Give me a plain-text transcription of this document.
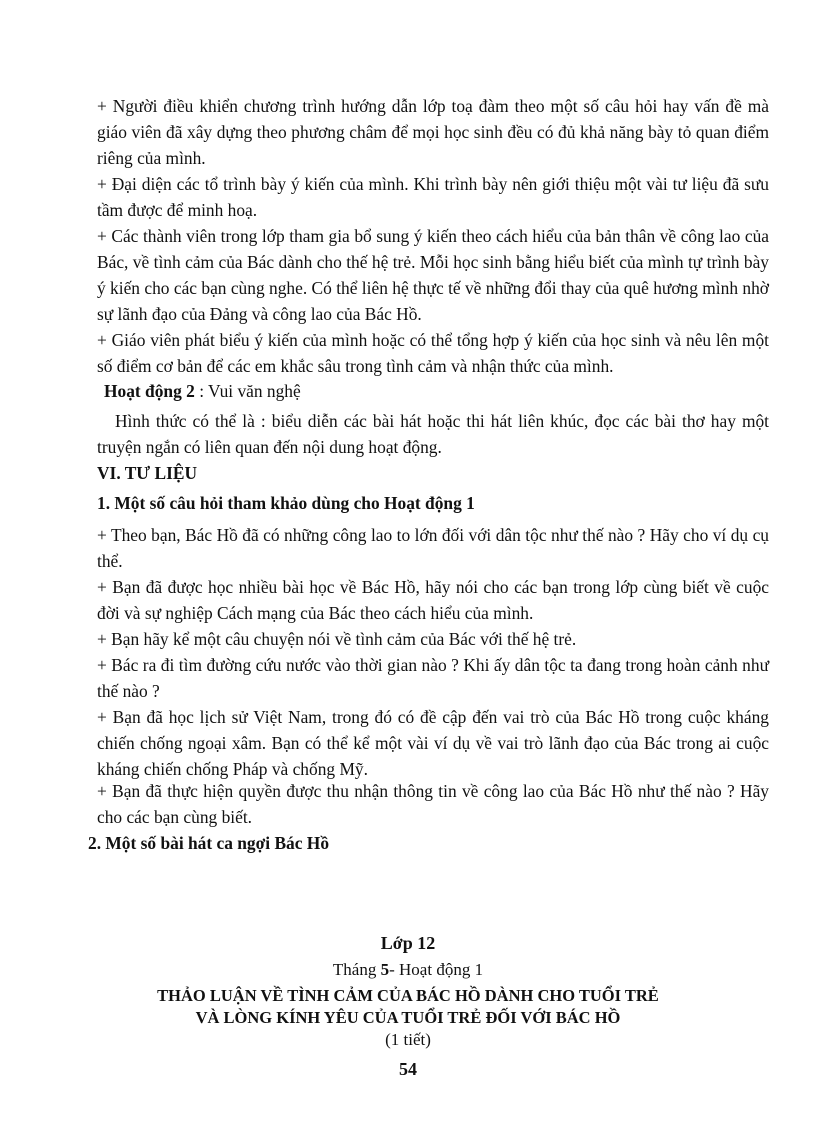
+ Người điều khiển chương trình hướng dẫn lớp toạ đàm theo một số câu hỏi hay vấn đề mà giáo viên đã xây dựng theo phương châm để mọi học sinh đều có đủ khả năng bày tỏ quan điểm riêng của mình.

+ Đại diện các tổ trình bày ý kiến của mình. Khi trình bày nên giới thiệu một vài tư liệu đã sưu tầm được để minh hoạ.

+ Các thành viên trong lớp tham gia bổ sung ý kiến theo cách hiểu của bản thân về công lao của Bác, về tình cảm của Bác dành cho thế hệ trẻ. Mỗi học sinh bằng hiểu biết của mình tự trình bày ý kiến cho các bạn cùng nghe. Có thể liên hệ thực tế về những đổi thay của quê hương mình nhờ sự lãnh đạo của Đảng và công lao của Bác Hồ.

+ Giáo viên phát biểu ý kiến của mình hoặc có thể tổng hợp ý kiến của học sinh và nêu lên một số điểm cơ bản để các em khắc sâu trong tình cảm và nhận thức của mình.

Hoạt động 2 : Vui văn nghệ

Hình thức có thể là : biểu diễn các bài hát hoặc thi hát liên khúc, đọc các bài thơ hay một truyện ngắn có liên quan đến nội dung hoạt động.

VI. TƯ LIỆU

1. Một số câu hỏi tham khảo dùng cho Hoạt động 1

+ Theo bạn, Bác Hồ đã có những công lao to lớn đối với dân tộc như thế nào ? Hãy cho ví dụ cụ thể.

+ Bạn đã được học nhiều bài học về Bác Hồ, hãy nói cho các bạn trong lớp cùng biết về cuộc đời và sự nghiệp Cách mạng của Bác theo cách hiểu của mình.

+ Bạn hãy kể một câu chuyện nói về tình cảm của Bác với thế hệ trẻ.

+ Bác ra đi tìm đường cứu nước vào thời gian nào ? Khi ấy dân tộc ta đang trong hoàn cảnh như thế nào ?

+ Bạn đã học lịch sử Việt Nam, trong đó có đề cập đến vai trò của Bác Hồ trong cuộc kháng chiến chống ngoại xâm. Bạn có thể kể một vài ví dụ về vai trò lãnh đạo của Bác trong ai cuộc kháng chiến chống Pháp và chống Mỹ.

+ Bạn đã thực hiện quyền được thu nhận thông tin về công lao của Bác Hồ như thế nào ? Hãy cho các bạn cùng biết.

2. Một số bài hát ca ngợi Bác Hồ

Lớp 12

Tháng 5- Hoạt động 1

THẢO LUẬN VỀ TÌNH CẢM CỦA BÁC HỒ DÀNH CHO TUỔI TRẺ

VÀ LÒNG KÍNH YÊU CỦA TUỔI TRẺ ĐỐI VỚI BÁC HỒ

(1 tiết)

54
